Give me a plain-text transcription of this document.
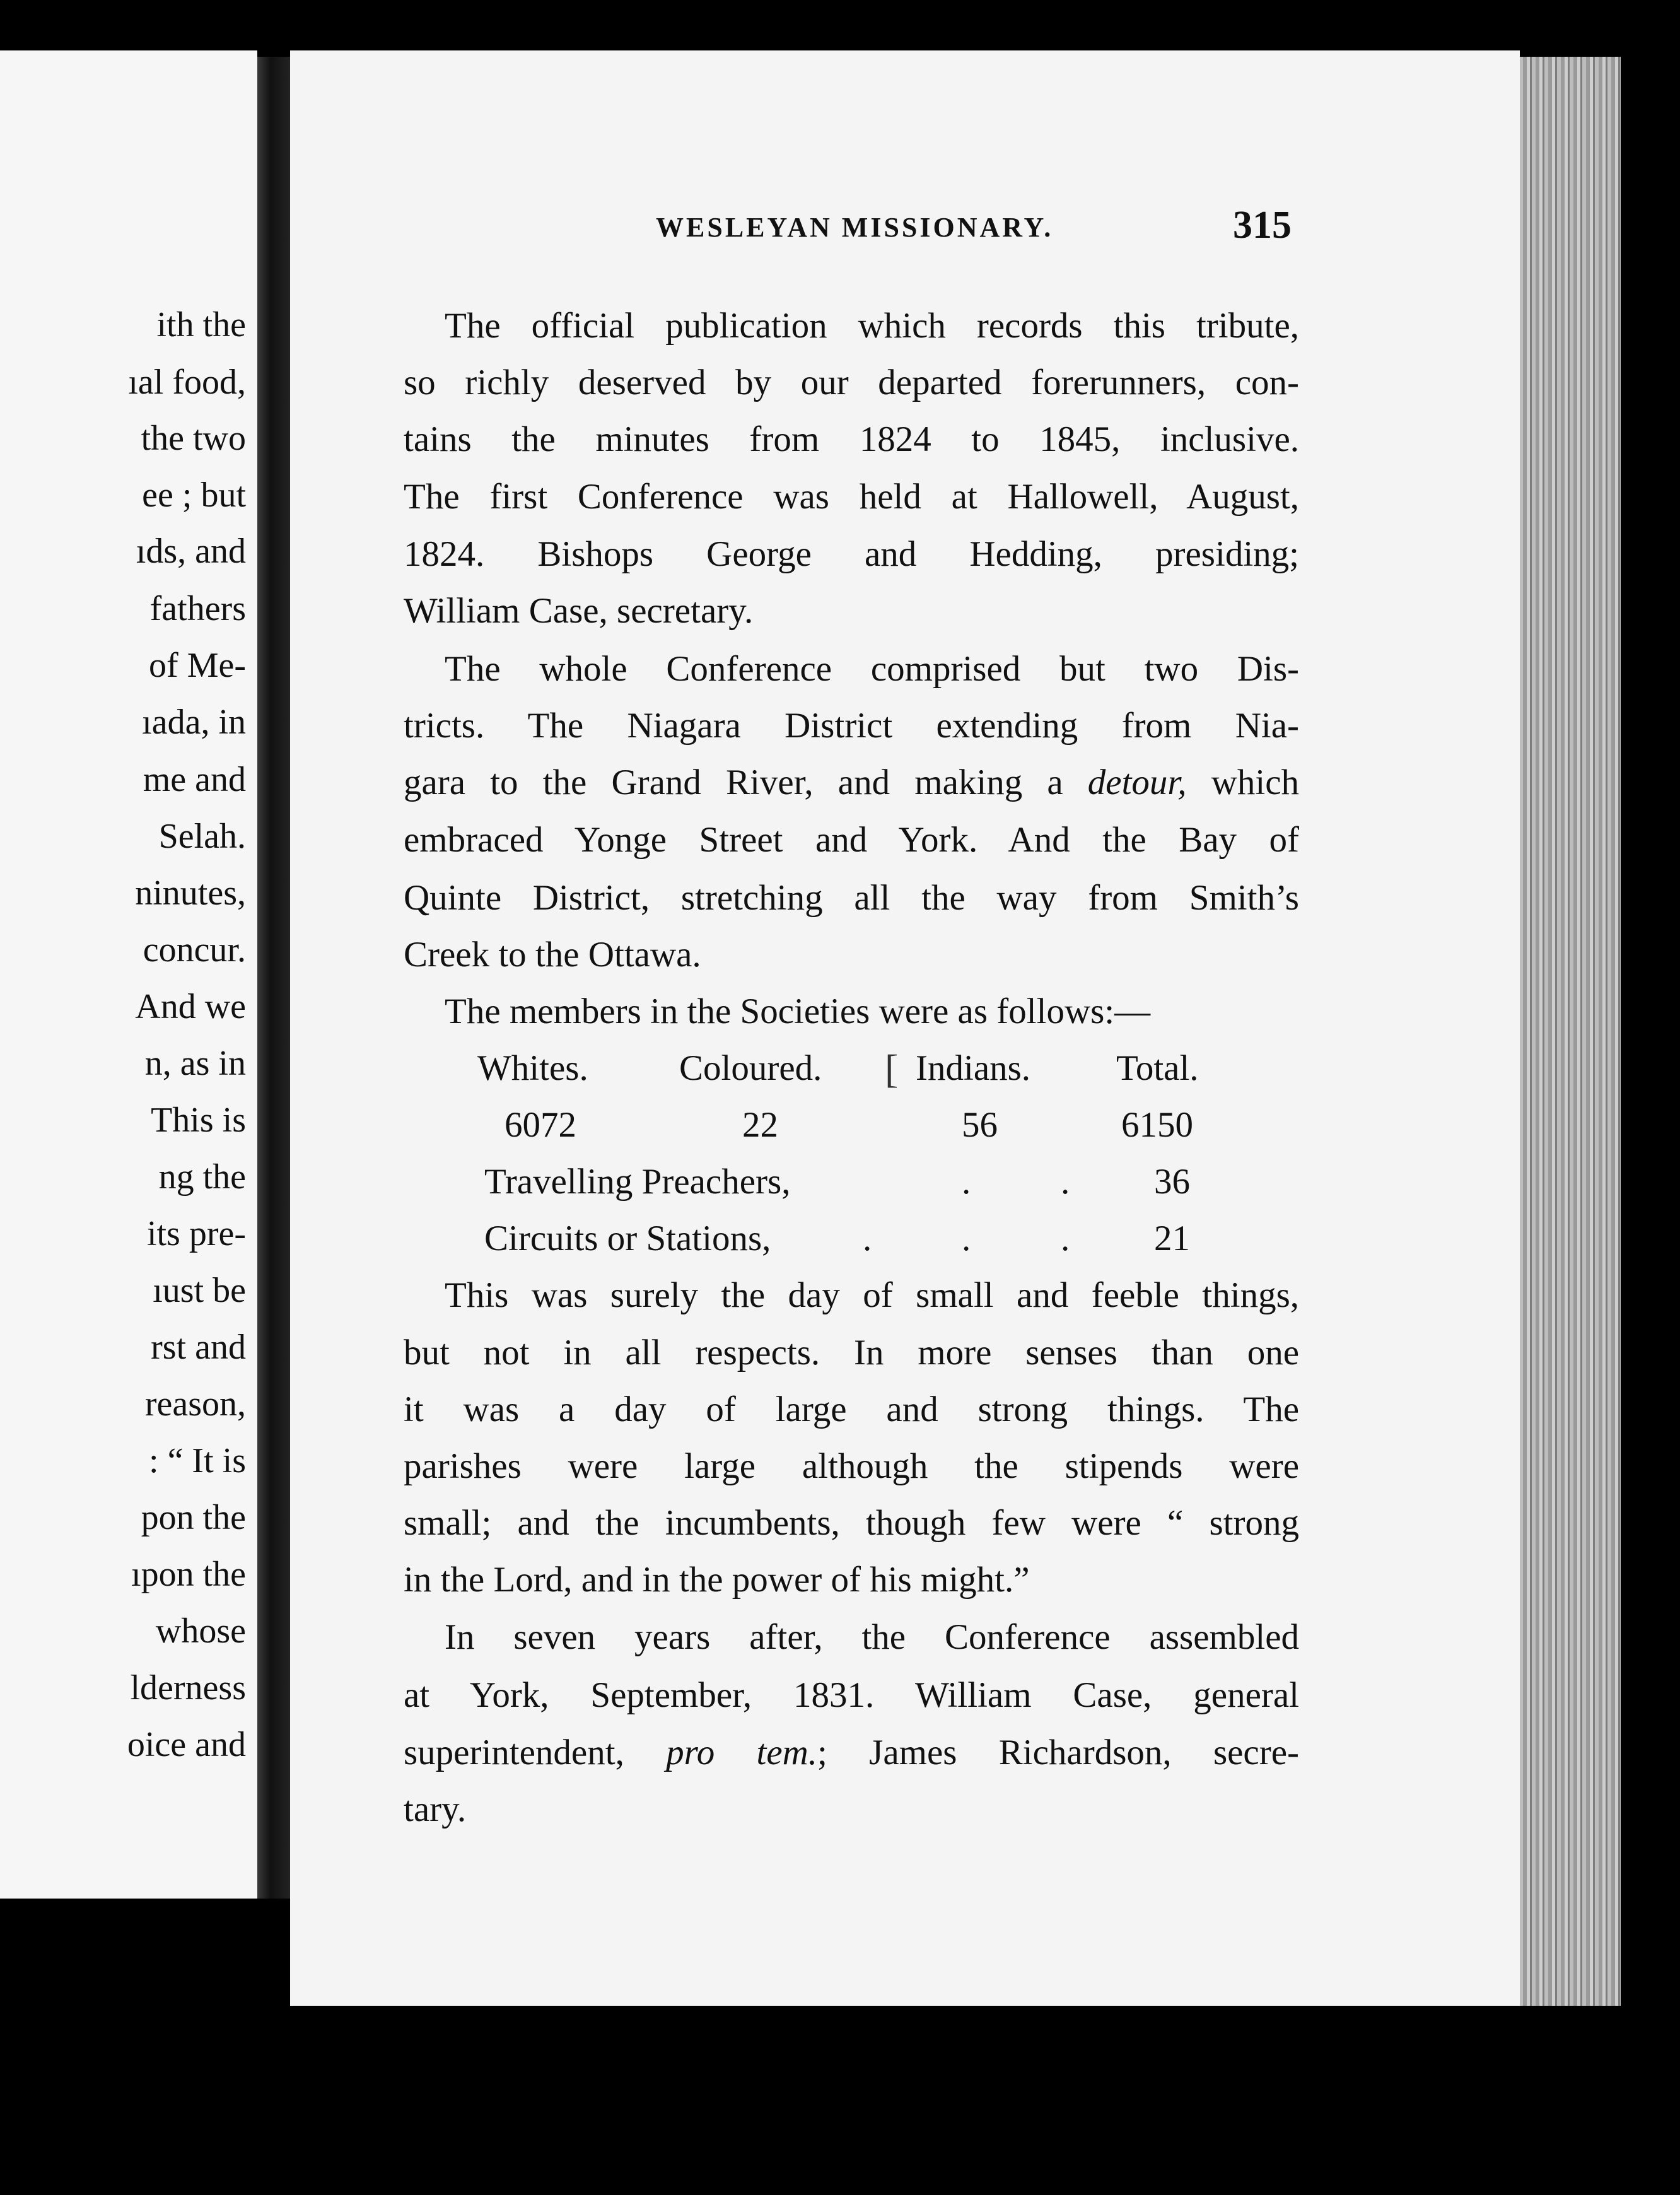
ith the
ıal food,
the two
ee ; but
ıds, and
fathers
of Me-
ıada, in
me and
Selah.
ninutes,
concur.
And we
n, as in
This is
ng the
its pre-
ıust be
rst and
reason,
: “ It is
pon the
ıpon the
whose
lderness
oice and
WESLEYAN MISSIONARY.	315
The official publication which records this tribute,
so richly deserved by our departed forerunners, con-
tains the minutes from 1824 to 1845, inclusive.
The first Conference was held at Hallowell, August,
1824. Bishops George and Hedding, presiding;
William Case, secretary.
The whole Conference comprised but two Dis-
tricts. The Niagara District extending from Nia-
gara to the Grand River, and making a detour, which
embraced Yonge Street and York. And the Bay of
Quinte District, stretching all the way from Smith’s
Creek to the Ottawa.
The members in the Societies were as follows:—
Whites.	Coloured. [ Indians. Total.
6072	22	56	6150
Travelling Preachers,	.	. 36
Circuits or Stations,	.	.	. 21
This was surely the day of small and feeble things,
but not in all respects. In more senses than one
it was a day of large and strong things. The
parishes were large although the stipends were
small; and the incumbents, though few were “ strong
in the Lord, and in the power of his might.”
In seven years after, the Conference assembled
at York, September, 1831. William Case, general
superintendent, pro tem.; James Richardson, secre-
tary.
